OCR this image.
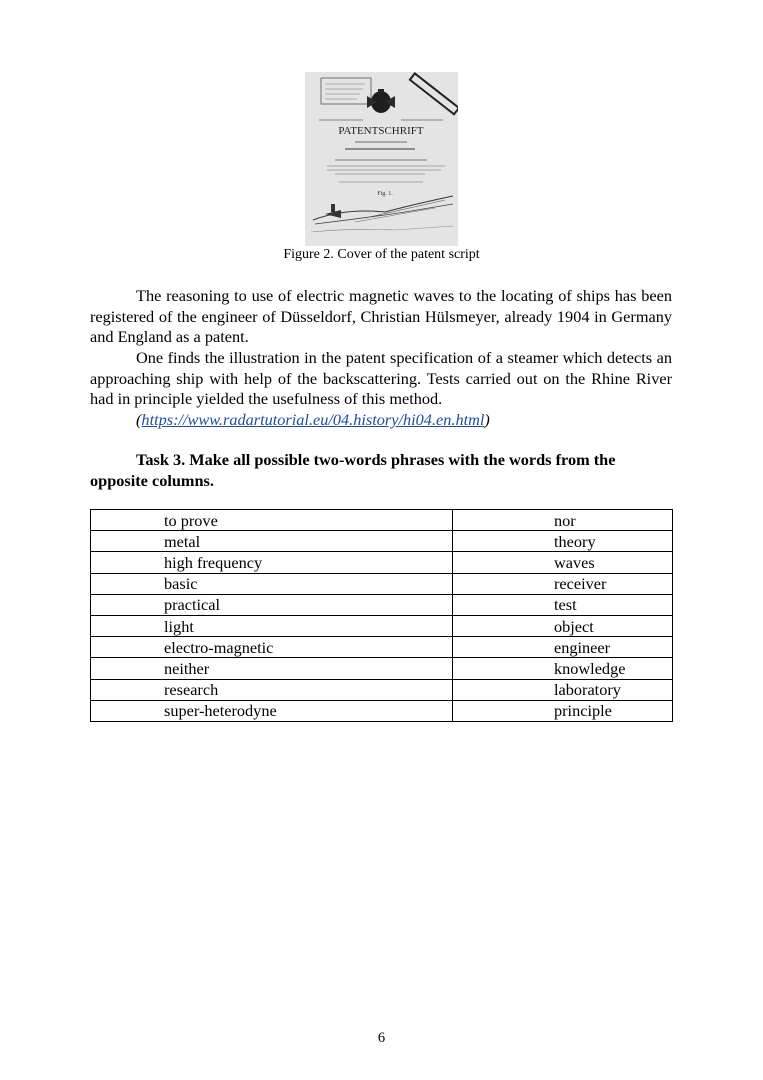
PATENTSCHRIFT
Fig. 1.
Figure 2. Cover of the patent script

The reasoning to use of electric magnetic waves to the locating of ships has been registered of the engineer of Düsseldorf, Christian Hülsmeyer, already 1904 in Germany and England as a patent.

One finds the illustration in the patent specification of a steamer which detects an approaching ship with help of the backscattering. Tests carried out on the Rhine River had in principle yielded the usefulness of this method.

(https://www.radartutorial.eu/04.history/hi04.en.html)

Task 3. Make all possible two-words phrases with the words from the opposite columns.

to prove	nor
metal	theory
high frequency	waves
basic	receiver
practical	test
light	object
electro-magnetic	engineer
neither	knowledge
research	laboratory
super-heterodyne	principle
6
